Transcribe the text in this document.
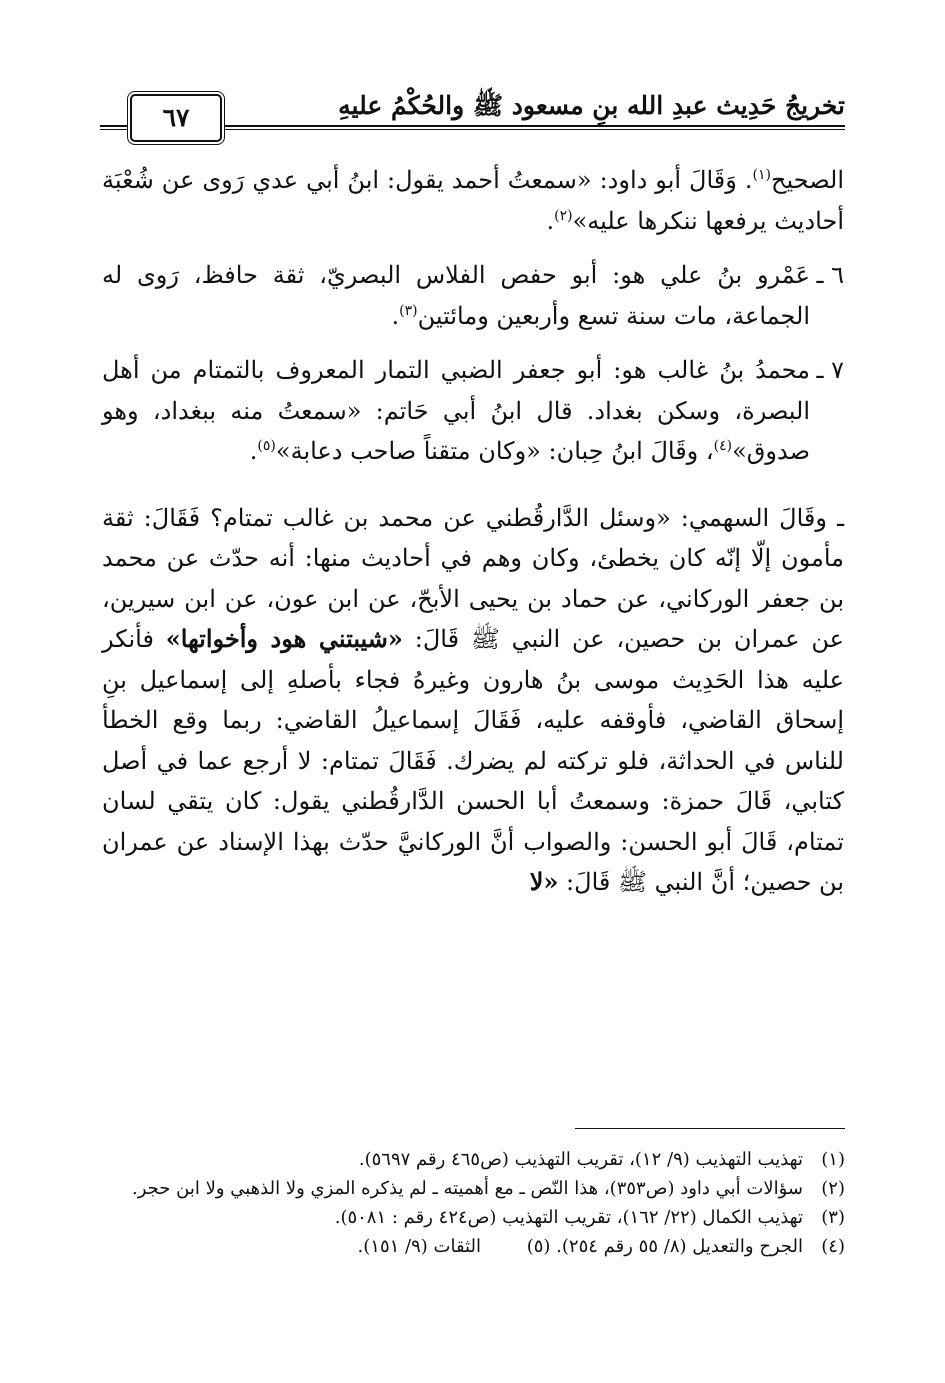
تخريجُ حَدِيث عبدِ الله بنِ مسعود ﷺ والحُكْمُ عليهِ
٦٧

الصحيح$^{(١)}$. وَقَالَ أبو داود: «سمعتُ أحمد يقول: ابنُ أبي عدي رَوى عن شُعْبَة أحاديث يرفعها ننكرها عليه»$^{(٢)}$.

٦ ـ
عَمْرو بنُ علي هو: أبو حفص الفلاس البصريّ، ثقة حافظ، رَوى له الجماعة، مات سنة تسع وأربعين ومائتين$^{(٣)}$.

٧ ـ
محمدُ بنُ غالب هو: أبو جعفر الضبي التمار المعروف بالتمتام من أهل البصرة، وسكن بغداد. قال ابنُ أبي حَاتم: «سمعتُ منه ببغداد، وهو صدوق»$^{(٤)}$، وقَالَ ابنُ حِبان: «وكان متقناً صاحب دعابة»$^{(٥)}$.

ـ وقَالَ السهمي: «وسئل الدَّارقُطني عن محمد بن غالب تمتام؟ فَقَالَ: ثقة مأمون إلّا إنّه كان يخطئ، وكان وهم في أحاديث منها: أنه حدّث عن محمد بن جعفر الوركاني، عن حماد بن يحيى الأبحّ، عن ابن عون، عن ابن سيرين، عن عمران بن حصين، عن النبي ﷺ قَالَ: «شيبتني هود وأخواتها» فأنكر عليه هذا الحَدِيث موسى بنُ هارون وغيرهُ فجاء بأصلهِ إلى إسماعيل بنِ إسحاق القاضي، فأوقفه عليه، فَقَالَ إسماعيلُ القاضي: ربما وقع الخطأ للناس في الحداثة، فلو تركته لم يضرك. فَقَالَ تمتام: لا أرجع عما في أصل كتابي، قَالَ حمزة: وسمعتُ أبا الحسن الدَّارقُطني يقول: كان يتقي لسان تمتام، قَالَ أبو الحسن: والصواب أنَّ الوركانيَّ حدّث بهذا الإسناد عن عمران بن حصين؛ أنَّ النبي ﷺ قَالَ: «لا

(١)
تهذيب التهذيب (٩/ ١٢)، تقريب التهذيب (ص٤٦٥ رقم ٥٦٩٧).
(٢)
سؤالات أبي داود (ص٣٥٣)، هذا النّص ـ مع أهميته ـ لم يذكره المزي ولا الذهبي ولا ابن حجر.
(٣)
تهذيب الكمال (٢٢/ ١٦٢)، تقريب التهذيب (ص٤٢٤ رقم : ٥٠٨١).
(٤)
الجرح والتعديل (٨/ ٥٥ رقم ٢٥٤). (٥) الثقات (٩/ ١٥١).
